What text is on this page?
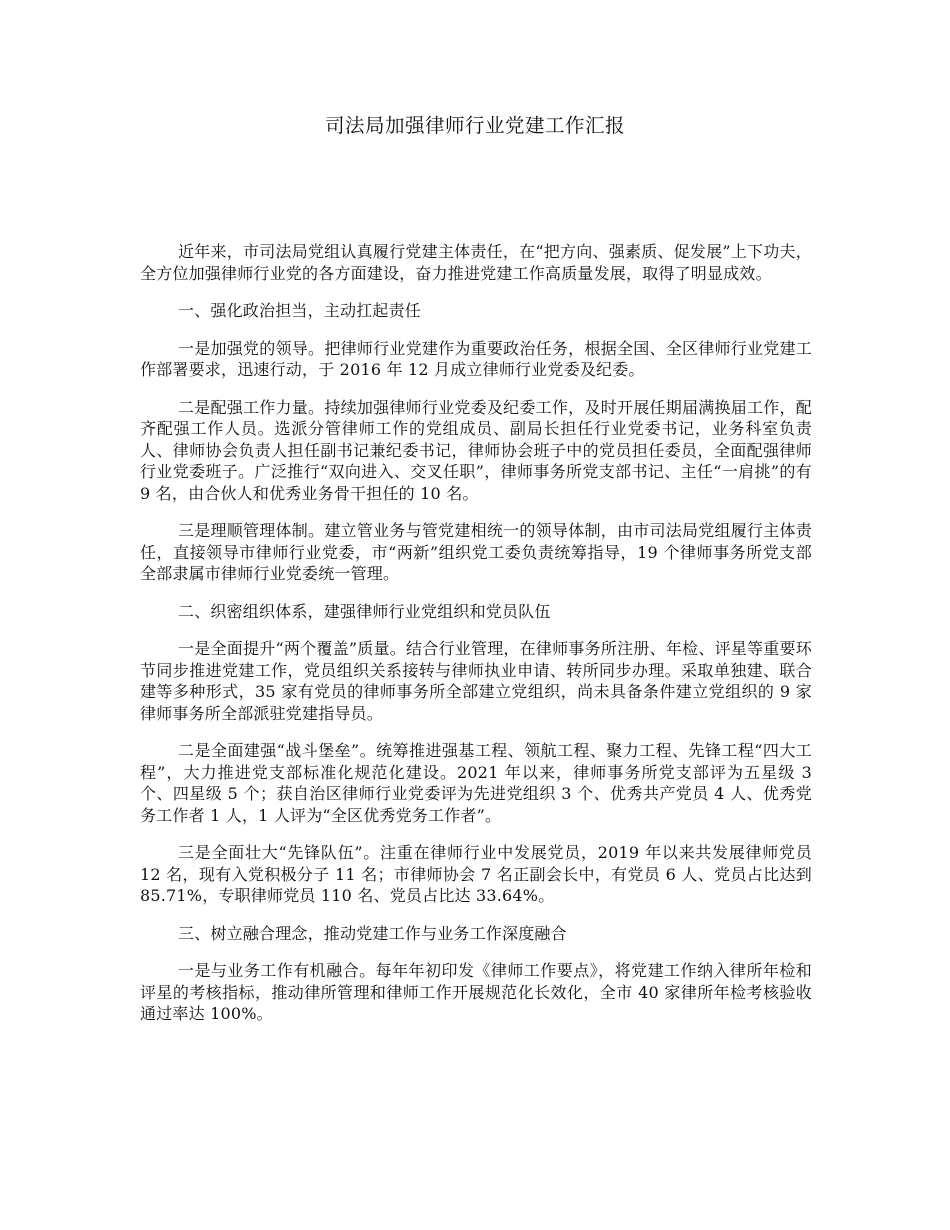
司法局加强律师行业党建工作汇报

近年来，市司法局党组认真履行党建主体责任，在“把方向、强素质、促发展”上下功夫，全方位加强律师行业党的各方面建设，奋力推进党建工作高质量发展，取得了明显成效。

一、强化政治担当，主动扛起责任

一是加强党的领导。把律师行业党建作为重要政治任务，根据全国、全区律师行业党建工作部署要求，迅速行动，于 2016 年 12 月成立律师行业党委及纪委。

二是配强工作力量。持续加强律师行业党委及纪委工作，及时开展任期届满换届工作，配齐配强工作人员。选派分管律师工作的党组成员、副局长担任行业党委书记，业务科室负责人、律师协会负责人担任副书记兼纪委书记，律师协会班子中的党员担任委员，全面配强律师行业党委班子。广泛推行“双向进入、交叉任职”，律师事务所党支部书记、主任“一肩挑”的有 9 名，由合伙人和优秀业务骨干担任的 10 名。

三是理顺管理体制。建立管业务与管党建相统一的领导体制，由市司法局党组履行主体责任，直接领导市律师行业党委，市“两新”组织党工委负责统筹指导，19 个律师事务所党支部全部隶属市律师行业党委统一管理。

二、织密组织体系，建强律师行业党组织和党员队伍

一是全面提升“两个覆盖”质量。结合行业管理，在律师事务所注册、年检、评星等重要环节同步推进党建工作，党员组织关系接转与律师执业申请、转所同步办理。采取单独建、联合建等多种形式，35 家有党员的律师事务所全部建立党组织，尚未具备条件建立党组织的 9 家律师事务所全部派驻党建指导员。

二是全面建强“战斗堡垒”。统筹推进强基工程、领航工程、聚力工程、先锋工程“四大工程”，大力推进党支部标准化规范化建设。2021 年以来，律师事务所党支部评为五星级 3 个、四星级 5 个；获自治区律师行业党委评为先进党组织 3 个、优秀共产党员 4 人、优秀党务工作者 1 人，1 人评为“全区优秀党务工作者”。

三是全面壮大“先锋队伍”。注重在律师行业中发展党员，2019 年以来共发展律师党员 12 名，现有入党积极分子 11 名；市律师协会 7 名正副会长中，有党员 6 人、党员占比达到 85.71%，专职律师党员 110 名、党员占比达 33.64%。

三、树立融合理念，推动党建工作与业务工作深度融合

一是与业务工作有机融合。每年年初印发《律师工作要点》，将党建工作纳入律所年检和评星的考核指标，推动律所管理和律师工作开展规范化长效化，全市 40 家律所年检考核验收通过率达 100%。
